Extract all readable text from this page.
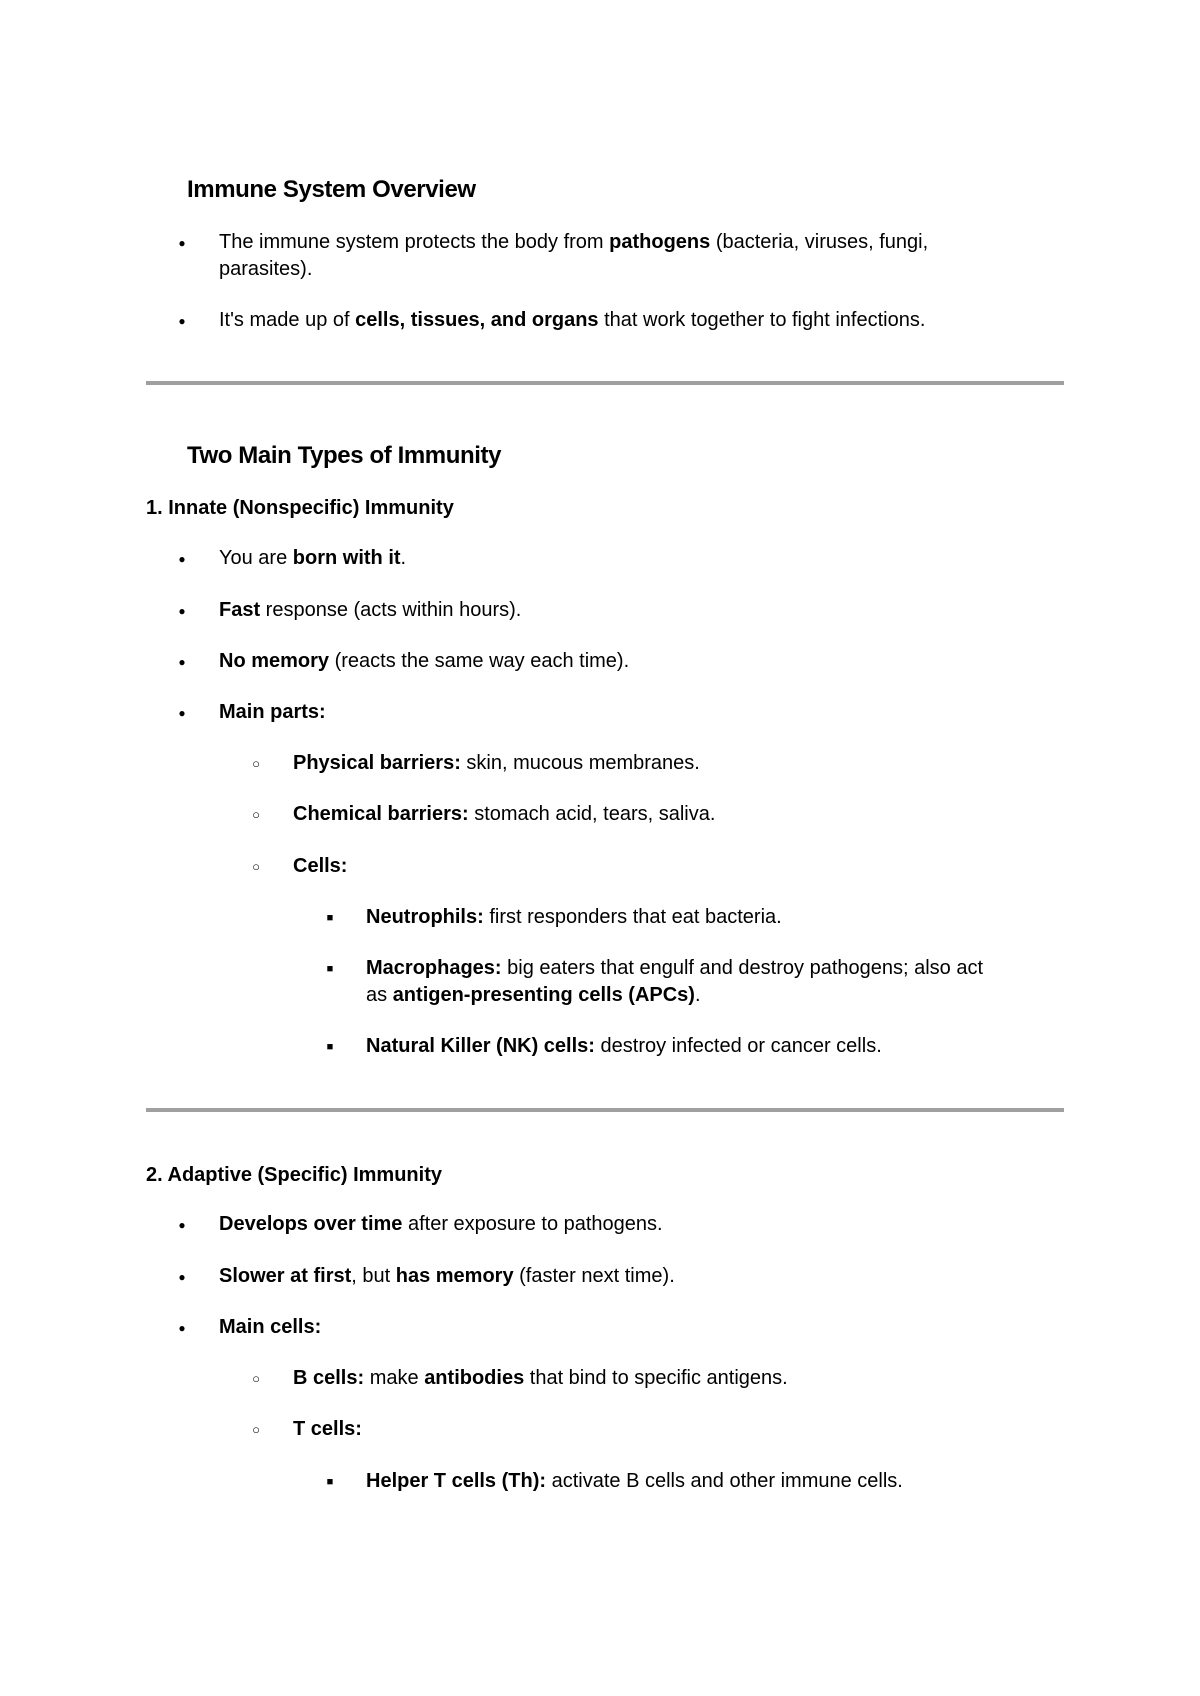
Immune System Overview
● The immune system protects the body from pathogens (bacteria, viruses, fungi,
parasites).
● It's made up of cells, tissues, and organs that work together to fight infections.
Two Main Types of Immunity
1. Innate (Nonspecific) Immunity
● You are born with it.
● Fast response (acts within hours).
● No memory (reacts the same way each time).
● Main parts:
○ Physical barriers: skin, mucous membranes.
○ Chemical barriers: stomach acid, tears, saliva.
○ Cells:
■ Neutrophils: first responders that eat bacteria.
■ Macrophages: big eaters that engulf and destroy pathogens; also act
as antigen-presenting cells (APCs).
■ Natural Killer (NK) cells: destroy infected or cancer cells.
2. Adaptive (Specific) Immunity
● Develops over time after exposure to pathogens.
● Slower at first, but has memory (faster next time).
● Main cells:
○ B cells: make antibodies that bind to specific antigens.
○ T cells:
■ Helper T cells (Th): activate B cells and other immune cells.
